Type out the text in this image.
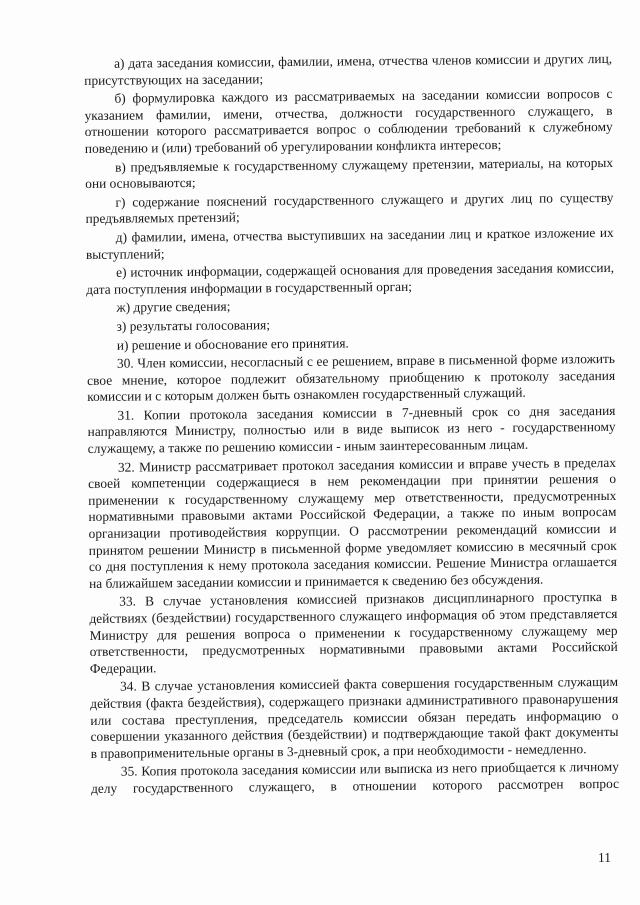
а) дата заседания комиссии, фамилии, имена, отчества членов комиссии и других лиц, присутствующих на заседании;

б) формулировка каждого из рассматриваемых на заседании комиссии вопросов с указанием фамилии, имени, отчества, должности государственного служащего, в отношении которого рассматривается вопрос о соблюдении требований к служебному поведению и (или) требований об урегулировании конфликта интересов;

в) предъявляемые к государственному служащему претензии, материалы, на которых они основываются;

г) содержание пояснений государственного служащего и других лиц по существу предъявляемых претензий;

д) фамилии, имена, отчества выступивших на заседании лиц и краткое изложение их выступлений;

е) источник информации, содержащей основания для проведения заседания комиссии, дата поступления информации в государственный орган;

ж) другие сведения;

з) результаты голосования;

и) решение и обоснование его принятия.

30. Член комиссии, несогласный с ее решением, вправе в письменной форме изложить свое мнение, которое подлежит обязательному приобщению к протоколу заседания комиссии и с которым должен быть ознакомлен государственный служащий.

31. Копии протокола заседания комиссии в 7-дневный срок со дня заседания направляются Министру, полностью или в виде выписок из него - государственному служащему, а также по решению комиссии - иным заинтересованным лицам.

32. Министр рассматривает протокол заседания комиссии и вправе учесть в пределах своей компетенции содержащиеся в нем рекомендации при принятии решения о применении к государственному служащему мер ответственности, предусмотренных нормативными правовыми актами Российской Федерации, а также по иным вопросам организации противодействия коррупции. О рассмотрении рекомендаций комиссии и принятом решении Министр в письменной форме уведомляет комиссию в месячный срок со дня поступления к нему протокола заседания комиссии. Решение Министра оглашается на ближайшем заседании комиссии и принимается к сведению без обсуждения.

33. В случае установления комиссией признаков дисциплинарного проступка в действиях (бездействии) государственного служащего информация об этом представляется Министру для решения вопроса о применении к государственному служащему мер ответственности, предусмотренных нормативными правовыми актами Российской Федерации.

34. В случае установления комиссией факта совершения государственным служащим действия (факта бездействия), содержащего признаки административного правонарушения или состава преступления, председатель комиссии обязан передать информацию о совершении указанного действия (бездействии) и подтверждающие такой факт документы в правоприменительные органы в 3-дневный срок, а при необходимости - немедленно.

35. Копия протокола заседания комиссии или выписка из него приобщается к личному делу государственного служащего, в отношении которого рассмотрен вопрос

11
